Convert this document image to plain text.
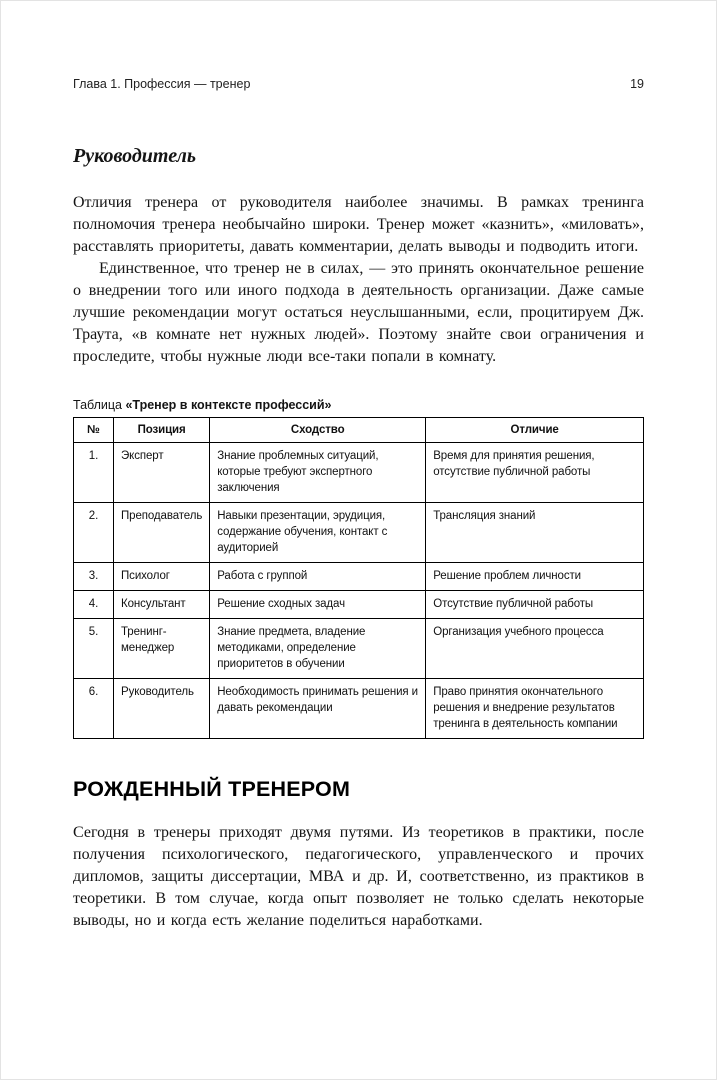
Глава 1. Профессия — тренер	19
Руководитель

Отличия тренера от руководителя наиболее значимы. В рамках тренинга полномочия тренера необычайно широки. Тренер может «казнить», «миловать», расставлять приоритеты, давать комментарии, делать выводы и подводить итоги.

Единственное, что тренер не в силах, — это принять окончательное решение о внедрении того или иного подхода в деятельность организации. Даже самые лучшие рекомендации могут остаться неуслышанными, если, процитируем Дж. Траута, «в комнате нет нужных людей». Поэтому знайте свои ограничения и проследите, чтобы нужные люди все-таки попали в комнату.

Таблица «Тренер в контексте профессий»

№	Позиция	Сходство	Отличие
1.	Эксперт	Знание проблемных ситуаций, которые требуют экспертного заключения	Время для принятия решения, отсутствие публичной работы
2.	Преподаватель	Навыки презентации, эрудиция, содержание обучения, контакт с аудиторией	Трансляция знаний
3.	Психолог	Работа с группой	Решение проблем личности
4.	Консультант	Решение сходных задач	Отсутствие публичной работы
5.	Тренинг-менеджер	Знание предмета, владение методиками, определение приоритетов в обучении	Организация учебного процесса
6.	Руководитель	Необходимость принимать решения и давать рекомендации	Право принятия окончательного решения и внедрение результатов тренинга в деятельность компании
РОЖДЕННЫЙ ТРЕНЕРОМ

Сегодня в тренеры приходят двумя путями. Из теоретиков в практики, после получения психологического, педагогического, управленческого и прочих дипломов, защиты диссертации, МВА и др. И, соответственно, из практиков в теоретики. В том случае, когда опыт позволяет не только сделать некоторые выводы, но и когда есть желание поделиться наработками.
